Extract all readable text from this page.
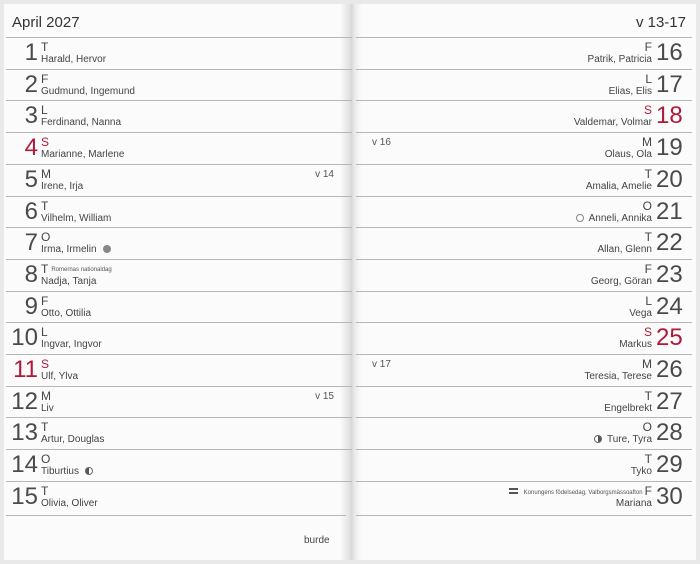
April 2027	v 13-17
1 T
Harald, Hervor
2 F
Gudmund, Ingemund
3 L
Ferdinand, Nanna
4 S
Marianne, Marlene
5 M
Irene, Irja
v 14
6 T
Vilhelm, William
7 O
Irma, Irmelin
8 T Romernas nationaldag
Nadja, Tanja
9 F
Otto, Ottilia
10 L
Ingvar, Ingvor
11 S
Ulf, Ylva
12 M
Liv
v 15
13 T
Artur, Douglas
14 O
Tiburtius
15 T
Olivia, Oliver
16
F
Patrik, Patricia
17
L
Elias, Elis
18
S
Valdemar, Volmar
19
M
Olaus, Ola
v 16
20
T
Amalia, Amelie
21
O
Anneli, Annika
22
T
Allan, Glenn
23
F
Georg, Göran
24
L
Vega
25
S
Markus
26
M
Teresia, Terese
v 17
27
T
Engelbrekt
28
O
Ture, Tyra
29
T
Tyko
30
Konungens födelsedag, Valborgsmässoafton F
Mariana
burde
